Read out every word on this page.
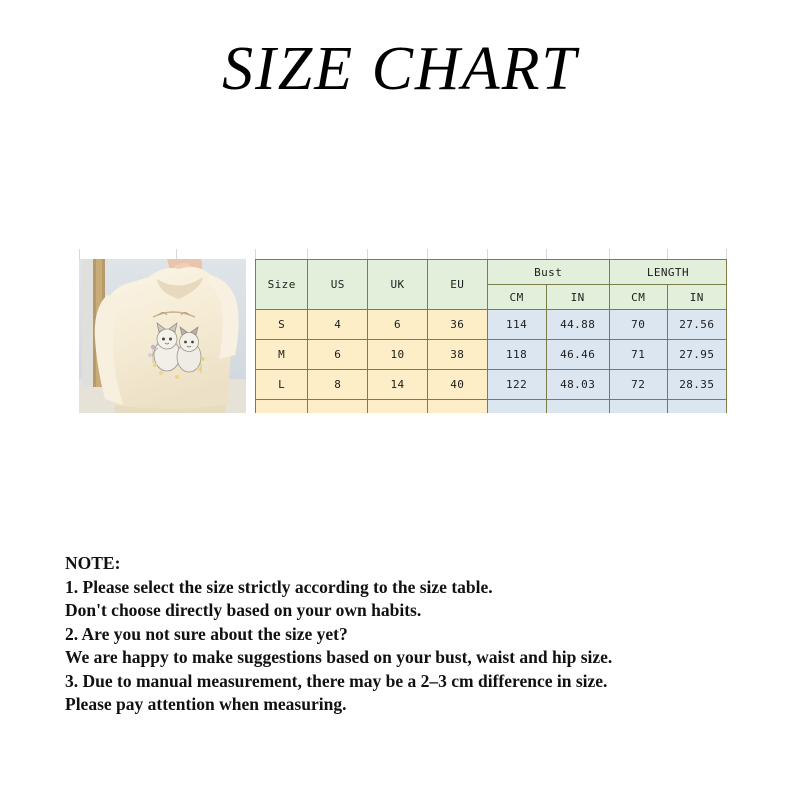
SIZE CHART
Size	US	UK	EU	Bust		LENGTH	
				CM	IN	CM	IN
S	4	6	36	114	44.88	70	27.56
M	6	10	38	118	46.46	71	27.95
L	8	14	40	122	48.03	72	28.35

NOTE:
1. Please select the size strictly according to the size table.
Don't choose directly based on your own habits.
2. Are you not sure about the size yet?
We are happy to make suggestions based on your bust, waist and hip size.
3. Due to manual measurement, there may be a 2–3 cm difference in size.
Please pay attention when measuring.
